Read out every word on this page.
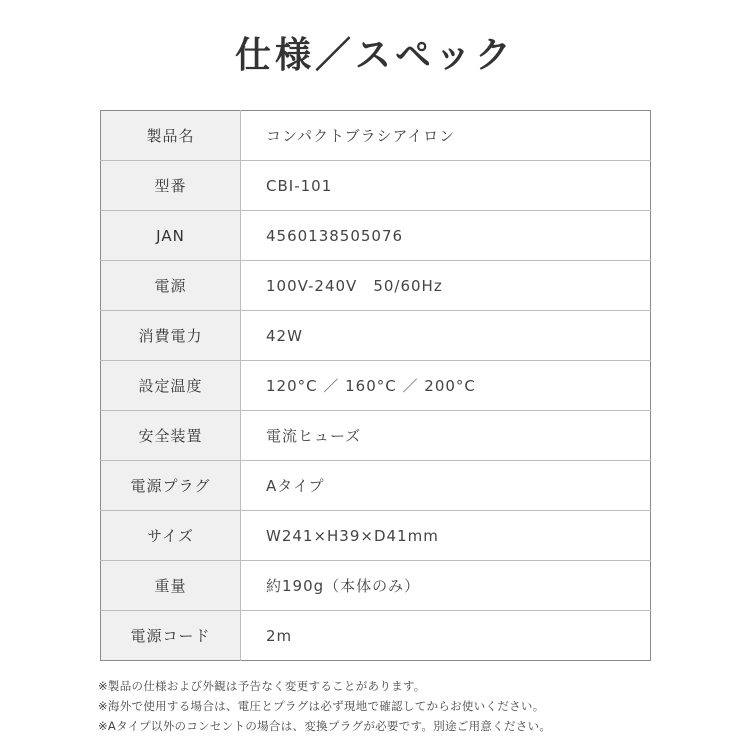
仕様／スペック
製品名	コンパクトブラシアイロン
型番	CBI-101
JAN	4560138505076
電源	100V-240V　50/60Hz
消費電力	42W
設定温度	120°C ／ 160°C ／ 200°C
安全装置	電流ヒューズ
電源プラグ	Aタイプ
サイズ	W241×H39×D41mm
重量	約190g（本体のみ）
電源コード	2m
※製品の仕様および外観は予告なく変更することがあります。
※海外で使用する場合は、電圧とプラグは必ず現地で確認してからお使いください。
※Aタイプ以外のコンセントの場合は、変換プラグが必要です。別途ご用意ください。
